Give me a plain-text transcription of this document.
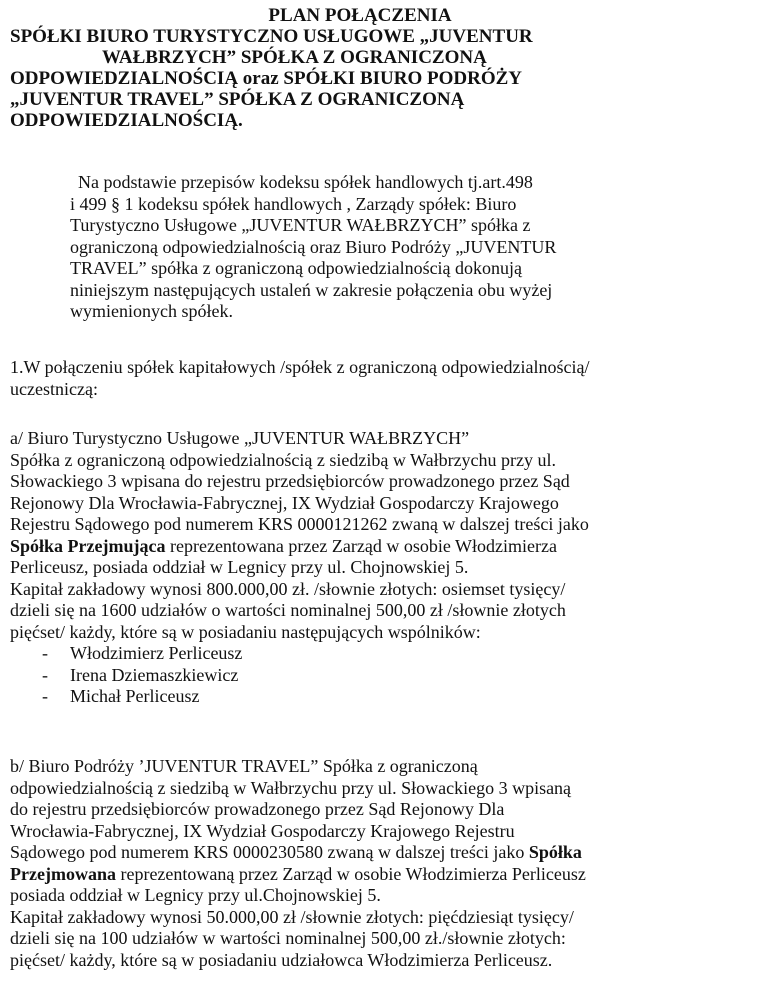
PLAN POŁĄCZENIA
SPÓŁKI BIURO TURYSTYCZNO USŁUGOWE „JUVENTUR
WAŁBRZYCH” SPÓŁKA Z OGRANICZONĄ
ODPOWIEDZIALNOŚCIĄ oraz SPÓŁKI BIURO PODRÓŻY
„JUVENTUR TRAVEL” SPÓŁKA Z OGRANICZONĄ
ODPOWIEDZIALNOŚCIĄ.
Na podstawie przepisów kodeksu spółek handlowych tj.art.498
i 499 § 1 kodeksu spółek handlowych , Zarządy spółek: Biuro
Turystyczno Usługowe „JUVENTUR WAŁBRZYCH” spółka z
ograniczoną odpowiedzialnością oraz Biuro Podróży „JUVENTUR
TRAVEL” spółka z ograniczoną odpowiedzialnością dokonują
niniejszym następujących ustaleń w zakresie połączenia obu wyżej
wymienionych spółek.
1.W połączeniu spółek kapitałowych /spółek z ograniczoną odpowiedzialnością/
uczestniczą:
a/ Biuro Turystyczno Usługowe „JUVENTUR WAŁBRZYCH”
Spółka z ograniczoną odpowiedzialnością z siedzibą w Wałbrzychu przy ul.
Słowackiego 3 wpisana do rejestru przedsiębiorców prowadzonego przez Sąd
Rejonowy Dla Wrocławia-Fabrycznej, IX Wydział Gospodarczy Krajowego
Rejestru Sądowego pod numerem KRS 0000121262 zwaną w dalszej treści jako
Spółka Przejmująca reprezentowana przez Zarząd w osobie Włodzimierza
Perliceusz, posiada oddział w Legnicy przy ul. Chojnowskiej 5.
Kapitał zakładowy wynosi 800.000,00 zł. /słownie złotych: osiemset tysięcy/
dzieli się na 1600 udziałów o wartości nominalnej 500,00 zł /słownie złotych
pięćset/ każdy, które są w posiadaniu następujących wspólników:
- Włodzimierz Perliceusz
- Irena Dziemaszkiewicz
- Michał Perliceusz
b/ Biuro Podróży ’JUVENTUR TRAVEL” Spółka z ograniczoną
odpowiedzialnością z siedzibą w Wałbrzychu przy ul. Słowackiego 3 wpisaną
do rejestru przedsiębiorców prowadzonego przez Sąd Rejonowy Dla
Wrocławia-Fabrycznej, IX Wydział Gospodarczy Krajowego Rejestru
Sądowego pod numerem KRS 0000230580 zwaną w dalszej treści jako Spółka
Przejmowana reprezentowaną przez Zarząd w osobie Włodzimierza Perliceusz
posiada oddział w Legnicy przy ul.Chojnowskiej 5.
Kapitał zakładowy wynosi 50.000,00 zł /słownie złotych: pięćdziesiąt tysięcy/
dzieli się na 100 udziałów w wartości nominalnej 500,00 zł./słownie złotych:
pięćset/ każdy, które są w posiadaniu udziałowca Włodzimierza Perliceusz.
